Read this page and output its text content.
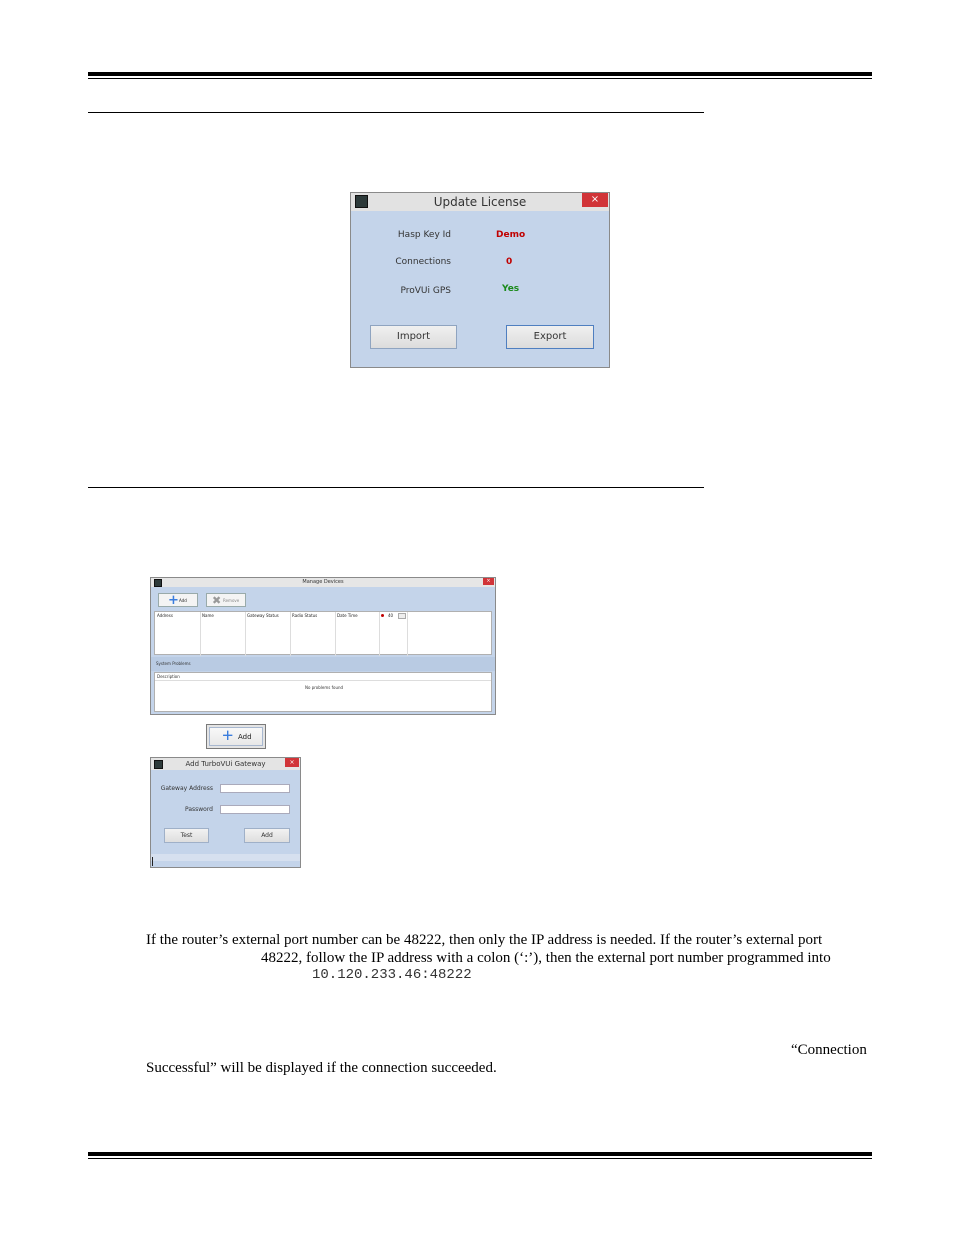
Update License	×
Hasp Key Id	Demo
Connections	0
ProVUi GPS	Yes
Import	Export
Manage Devices	×
+ Add ✖ Remove
Address	Name	Gateway Status	Radio Status	Date Time	40
System Problems
Description
No problems found
+ Add
Add TurboVUi Gateway	×
Gateway Address
Password
Test	Add
If the router’s external port number can be 48222, then only the IP address is needed. If the router’s external port
48222, follow the IP address with a colon (‘:’), then the external port number programmed into
10.120.233.46:48222
“Connection
Successful” will be displayed if the connection succeeded.
